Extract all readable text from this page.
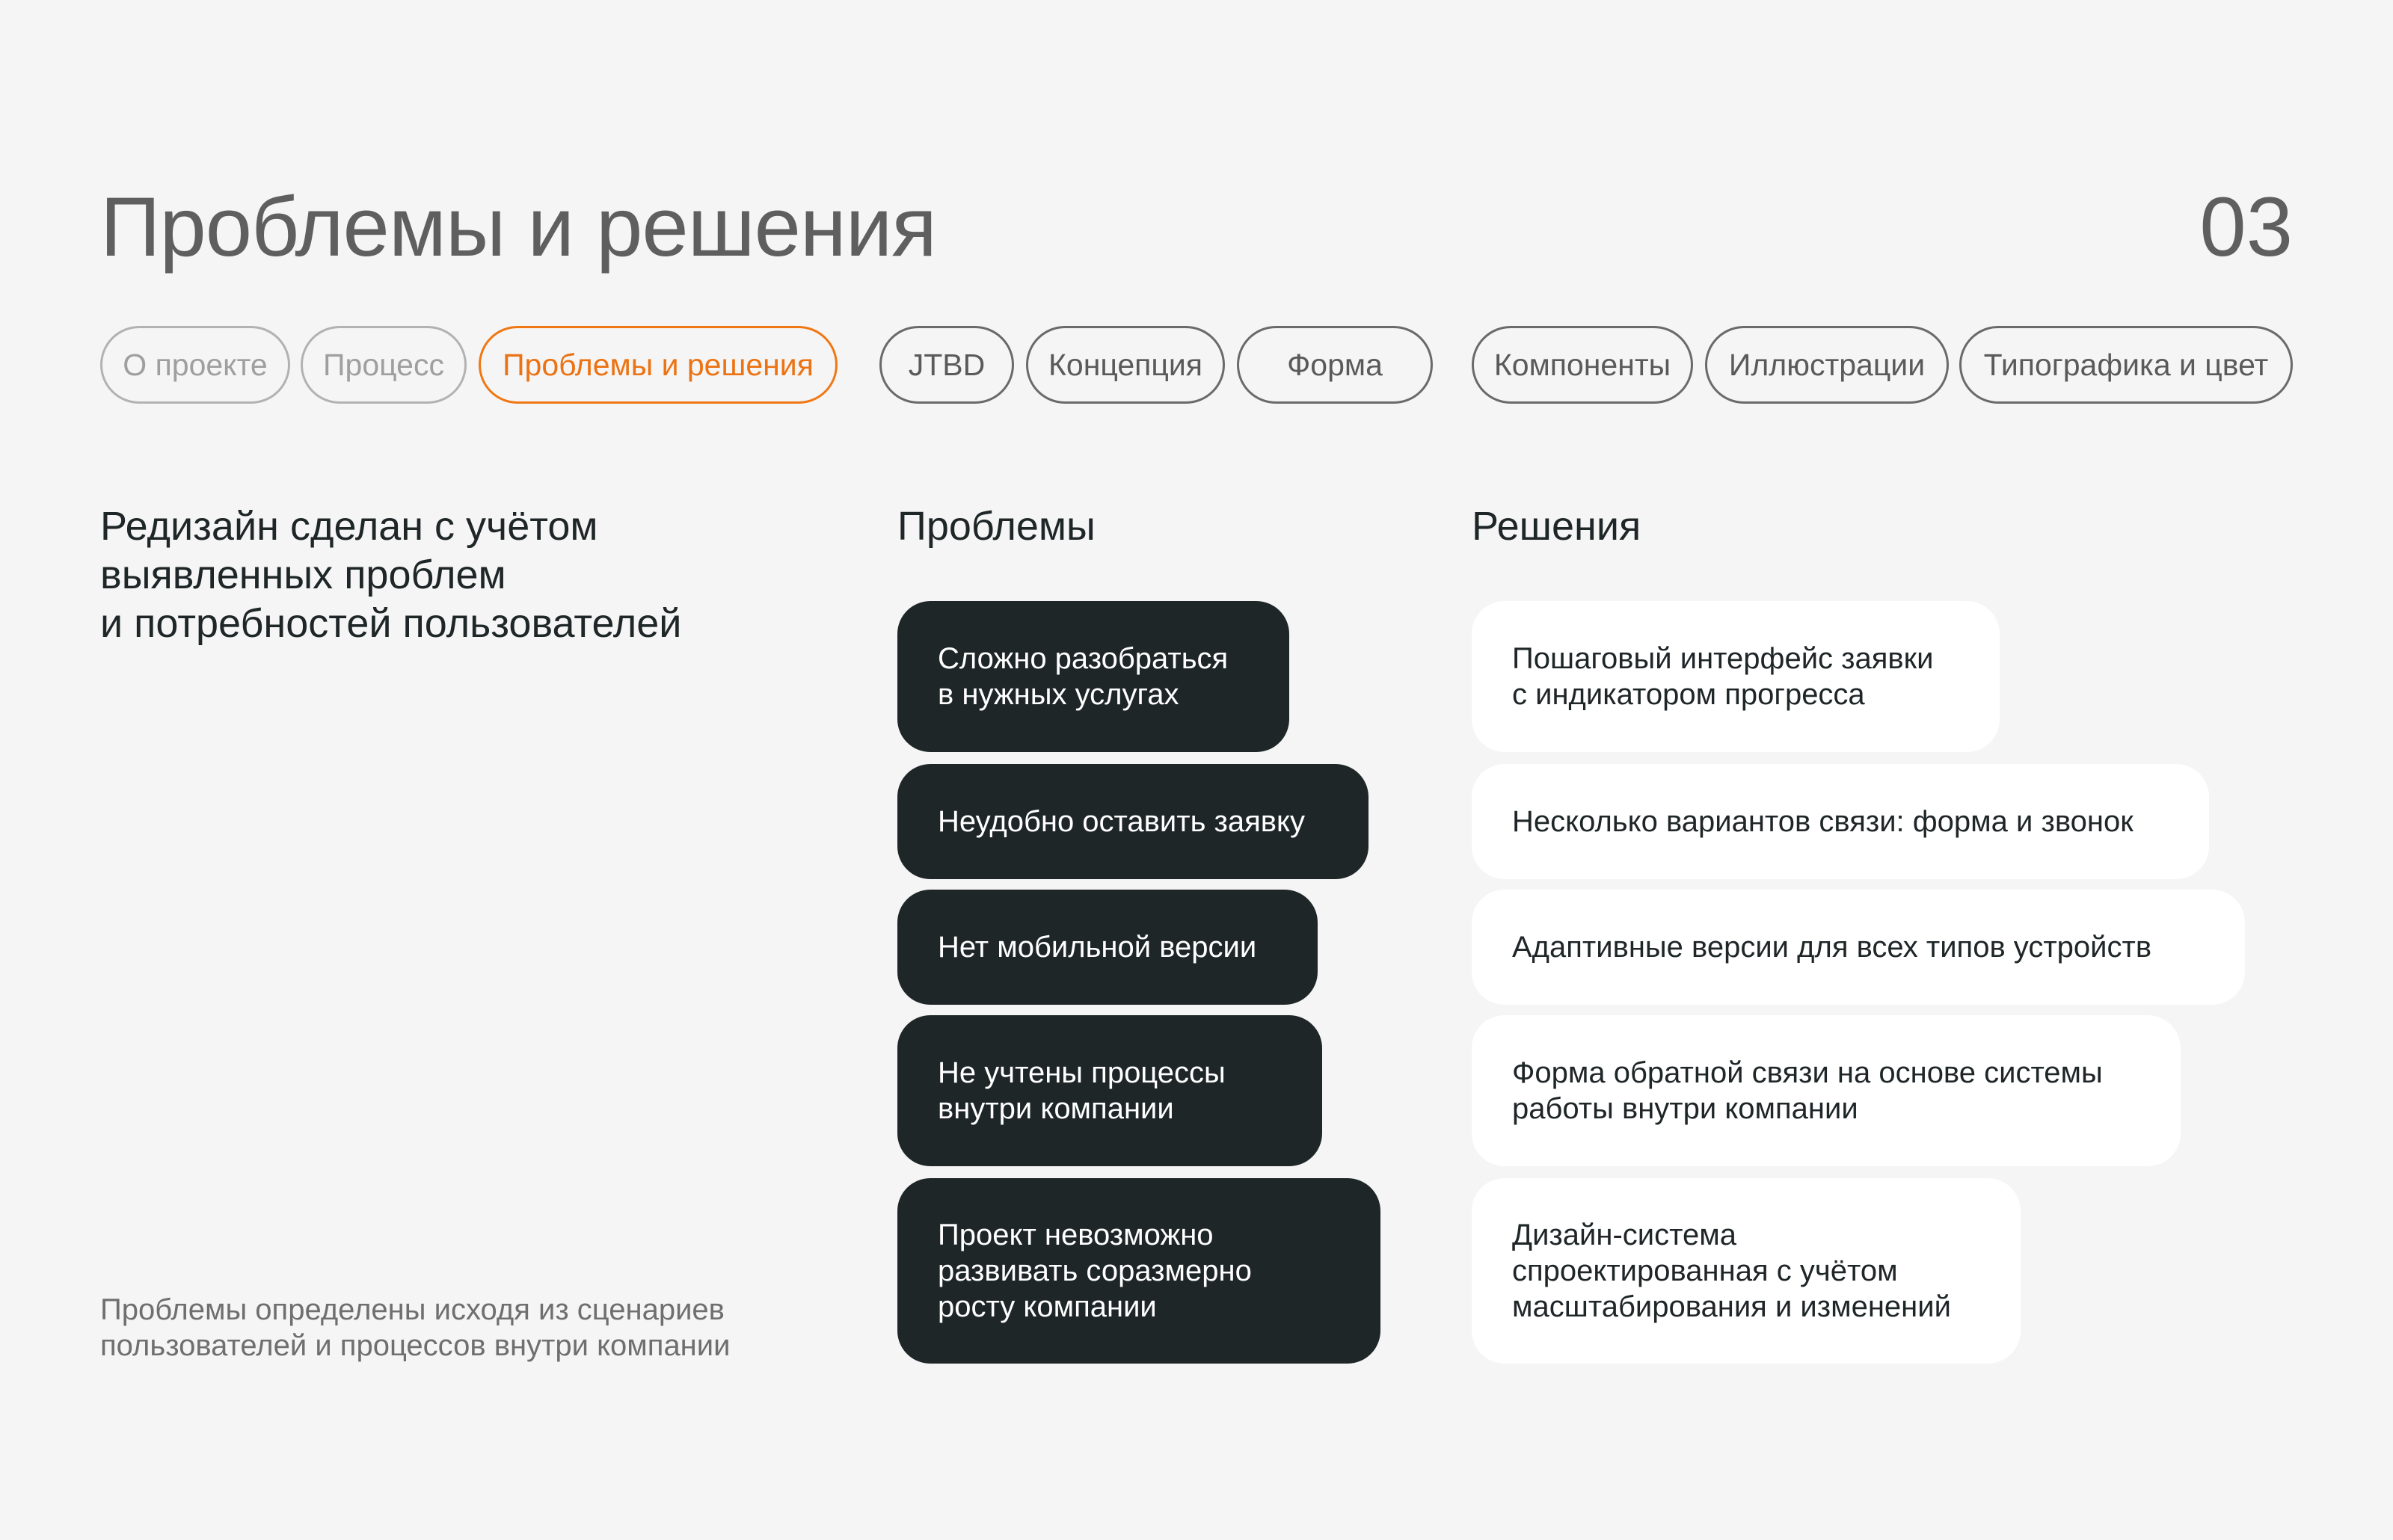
Проблемы и решения	03
О проекте	Процесс	Проблемы и решения	JTBD	Концепция	Форма	Компоненты	Иллюстрации	Типографика и цвет
Редизайн сделан с учётом
выявленных проблем
и потребностей пользователей
Проблемы определены исходя из сценариев
пользователей и процессов внутри компании
Проблемы	Решения
Сложно разобраться
в нужных услугах
Неудобно оставить заявку
Нет мобильной версии
Не учтены процессы
внутри компании
Проект невозможно
развивать соразмерно
росту компании
Пошаговый интерфейс заявки
с индикатором прогресса
Несколько вариантов связи: форма и звонок
Адаптивные версии для всех типов устройств
Форма обратной связи на основе системы
работы внутри компании
Дизайн-система
спроектированная с учётом
масштабирования и изменений
